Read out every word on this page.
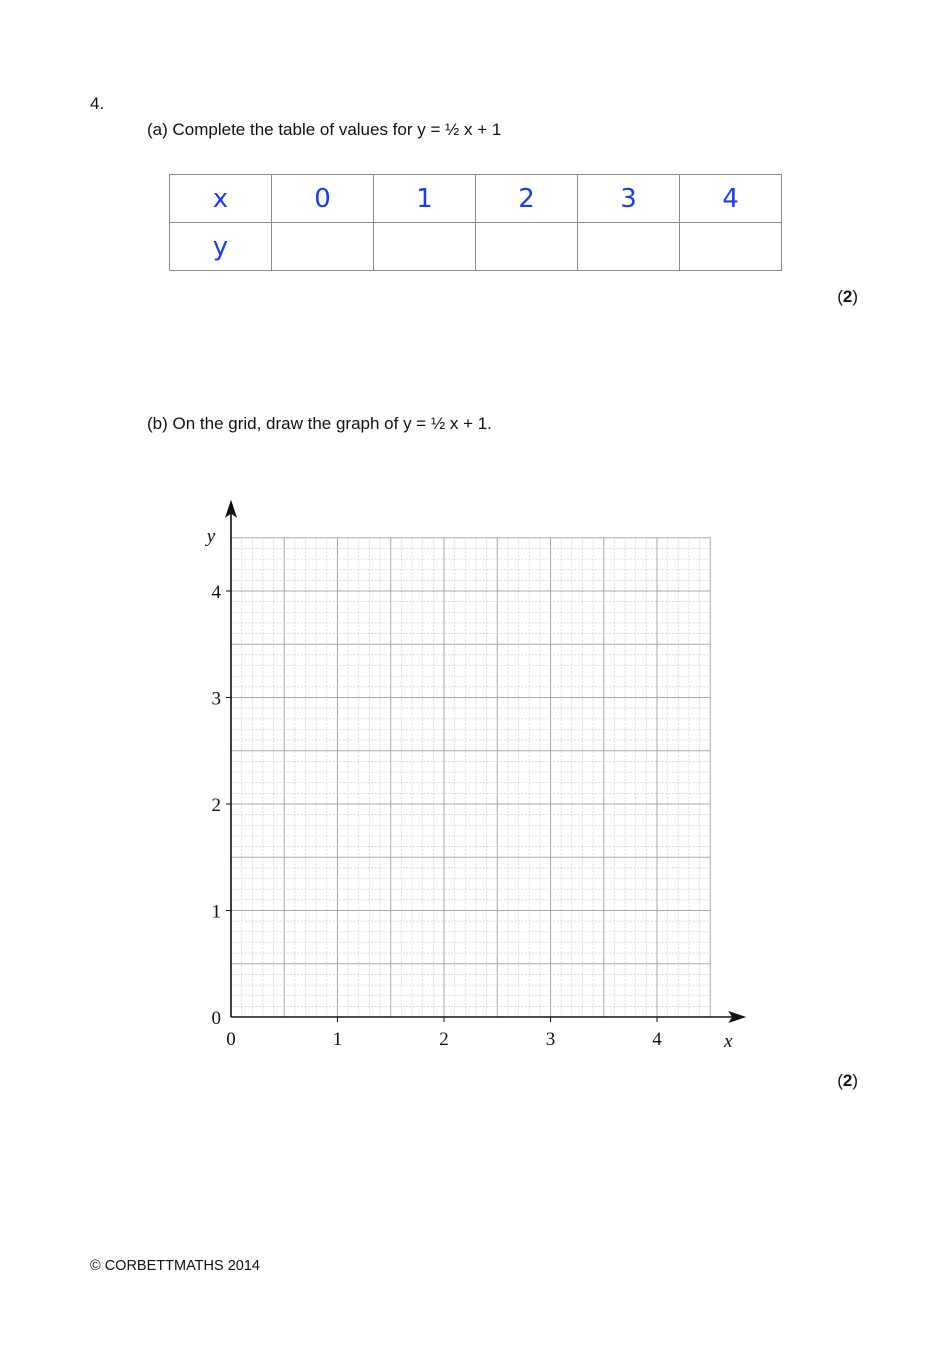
4.
(a) Complete the table of values for y = ½ x + 1
x	0	1	2	3	4
y					
(2)
(b) On the grid, draw the graph of y = ½ x + 1.
0	1	2	3	4
0
1
2
3
4
x
y
(2)
© CORBETTMATHS 2014
